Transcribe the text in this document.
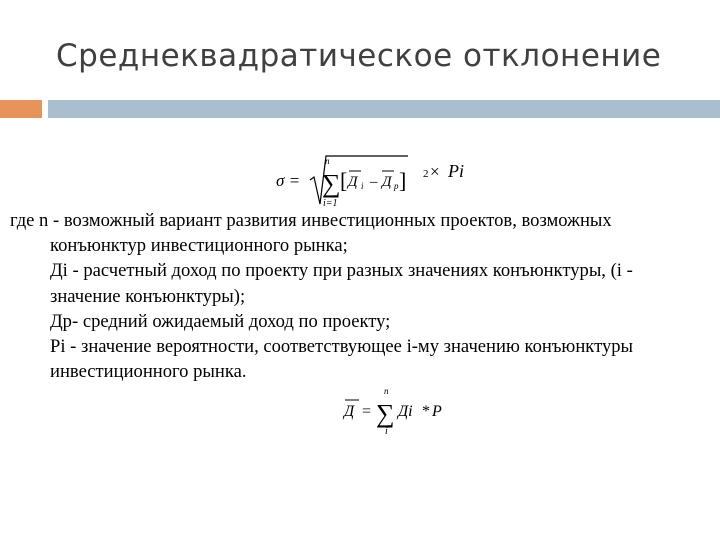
Среднеквадратическое отклонение
σ =
n
∑
i=1
[ Д i – Д р ] 2 × Pi

где n - возможный вариант развития инвестиционных проектов, возможных
конъюнктур инвестиционного рынка;

Дi - расчетный доход по проекту при разных значениях конъюнктуры, (i -
значение конъюнктуры);

Др- средний ожидаемый доход по проекту;

Pi - значение вероятности, соответствующее i-му значению конъюнктуры
инвестиционного рынка.

Д =
n
∑
i
Дi * P
